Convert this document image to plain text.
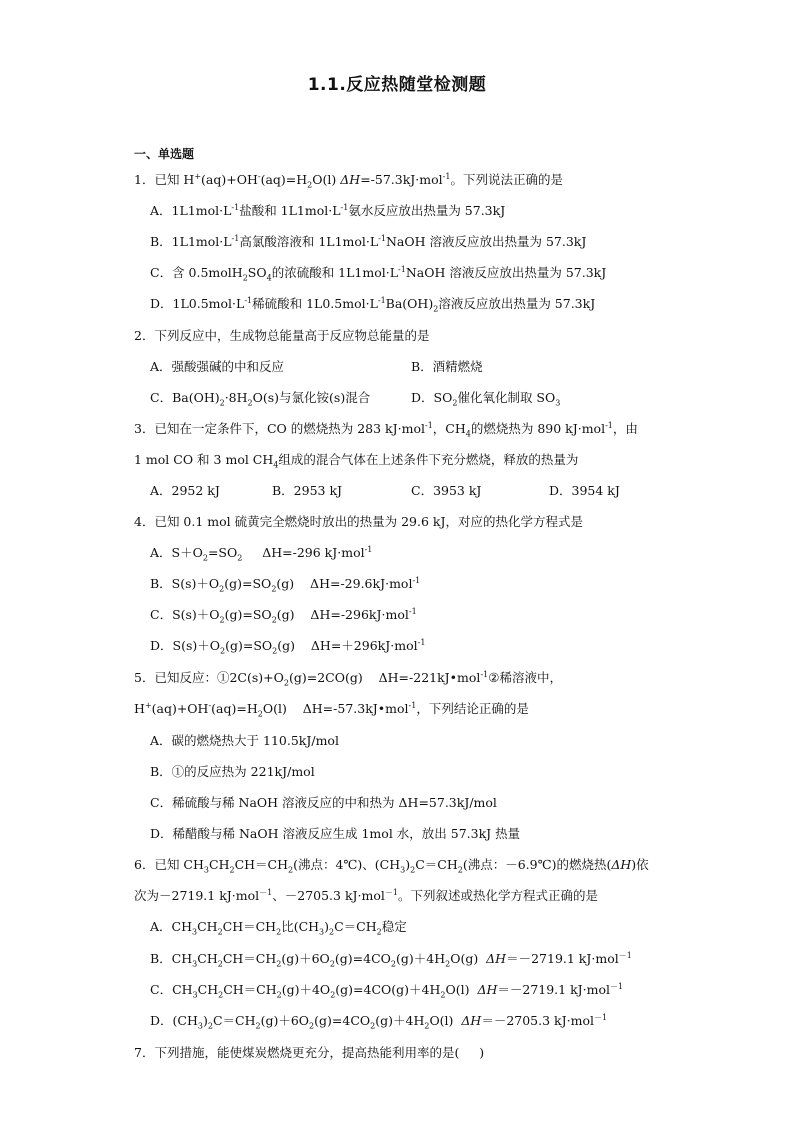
1.1.反应热随堂检测题
一、单选题
1．已知 $H^+(aq)+OH^-(aq)=H_2O(l)$ ΔH=-57.3kJ·mol$^{-1}$。下列说法正确的是
A．$1L1mol\cdot L^{-1}$盐酸和 $1L1mol\cdot L^{-1}$氨水反应放出热量为 57.3kJ
B．$1L1mol\cdot L^{-1}$高氯酸溶液和 $1L1mol\cdot L^{-1}NaOH$ 溶液反应放出热量为 57.3kJ
C．含 $0.5molH_2SO_4$的浓硫酸和 $1L1mol\cdot L^{-1}NaOH$ 溶液反应放出热量为 57.3kJ
D．$1L0.5mol\cdot L^{-1}$稀硫酸和 $1L0.5mol\cdot L^{-1}Ba(OH)_2$溶液反应放出热量为 57.3kJ
2．下列反应中，生成物总能量高于反应物总能量的是
A．强酸强碱的中和反应	B．酒精燃烧
C．$Ba(OH)_2\cdot 8H_2O(s)$与氯化铵(s)混合	D．$SO_2$催化氧化制取 $SO_3$
3．已知在一定条件下，CO 的燃烧热为 283 kJ·mol$^{-1}$，$CH_4$的燃烧热为 890 kJ·mol$^{-1}$，由
1 mol CO 和 3 mol $CH_4$组成的混合气体在上述条件下充分燃烧，释放的热量为
A．2952 kJ	B．2953 kJ	C．3953 kJ	D．3954 kJ
4．已知 0.1 mol 硫黄完全燃烧时放出的热量为 29.6 kJ，对应的热化学方程式是
A．$S+O_2=SO_2$     ΔH=-296 kJ·mol$^{-1}$
B．$S(s)+O_2(g)=SO_2(g)$    ΔH=-29.6kJ·mol$^{-1}$
C．$S(s)+O_2(g)=SO_2(g)$    ΔH=-296kJ·mol$^{-1}$
D．$S(s)+O_2(g)=SO_2(g)$    ΔH=＋296kJ·mol$^{-1}$
5．已知反应：$①2C(s)+O_2(g)=2CO(g)$    ΔH=-221kJ•mol$^{-1}$②稀溶液中，
$H^+(aq)+OH^-(aq)=H_2O(l)$    ΔH=-57.3kJ•mol$^{-1}$，下列结论正确的是
A．碳的燃烧热大于 110.5kJ/mol
B．①的反应热为 221kJ/mol
C．稀硫酸与稀 NaOH 溶液反应的中和热为 ΔH=57.3kJ/mol
D．稀醋酸与稀 NaOH 溶液反应生成 1mol 水，放出 57.3kJ 热量
6．已知 $CH_3CH_2CH=CH_2$(沸点：4℃)、$(CH_3)_2C=CH_2$(沸点：－6.9℃)的燃烧热(ΔH)依
次为－2719.1 kJ·mol$^{-1}$、－2705.3 kJ·mol$^{-1}$。下列叙述或热化学方程式正确的是
A．$CH_3CH_2CH=CH_2$比$(CH_3)_2C=CH_2$稳定
B．$CH_3CH_2CH=CH_2(g)+6O_2(g)=4CO_2(g)+4H_2O(g)$  ΔH＝－2719.1 kJ·mol$^{-1}$
C．$CH_3CH_2CH=CH_2(g)+4O_2(g)=4CO(g)+4H_2O(l)$  ΔH＝－2719.1 kJ·mol$^{-1}$
D．$(CH_3)_2C=CH_2(g)+6O_2(g)=4CO_2(g)+4H_2O(l)$  ΔH＝－2705.3 kJ·mol$^{-1}$
7．下列措施，能使煤炭燃烧更充分，提高热能利用率的是(     )
